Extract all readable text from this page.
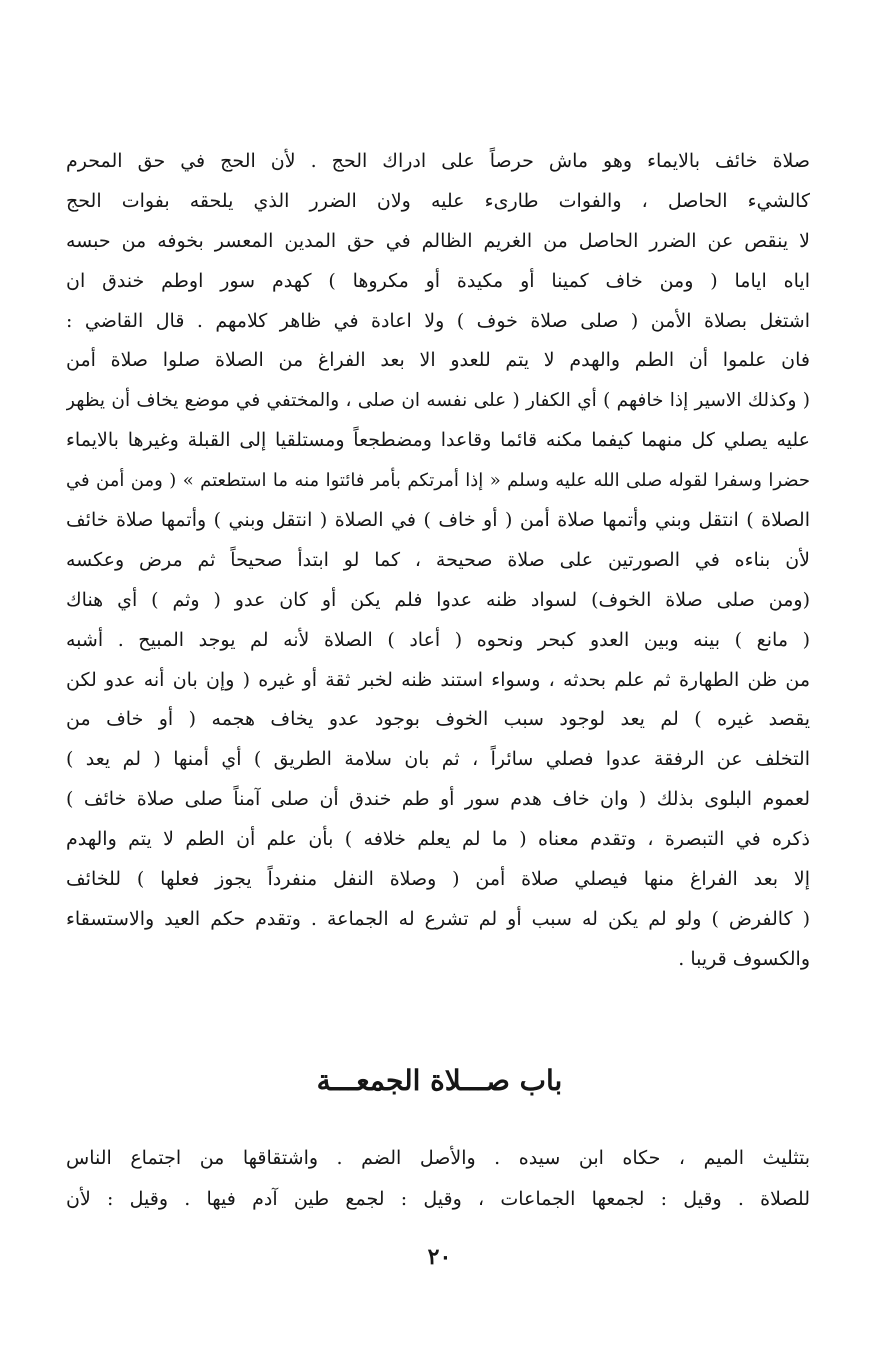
صلاة خائف بالايماء وهو ماش حرصاً على ادراك الحج . لأن الحج في حق المحرم
كالشيء الحاصل ، والفوات طارىء عليه ولان الضرر الذي يلحقه بفوات الحج
لا ينقص عن الضرر الحاصل من الغريم الظالم في حق المدين المعسر بخوفه من حبسه
اياه اياما ( ومن خاف كمينا أو مكيدة أو مكروها ) كهدم سور اوطم خندق ان
اشتغل بصلاة الأمن ( صلى صلاة خوف ) ولا اعادة في ظاهر كلامهم . قال القاضي :
فان علموا أن الطم والهدم لا يتم للعدو الا بعد الفراغ من الصلاة صلوا صلاة أمن
( وكذلك الاسير إذا خافهم ) أي الكفار ( على نفسه ان صلى ، والمختفي في موضع يخاف أن يظهر
عليه يصلي كل منهما كيفما مكنه قائما وقاعدا ومضطجعاً ومستلقيا إلى القبلة وغيرها بالايماء
حضرا وسفرا لقوله صلى الله عليه وسلم « إذا أمرتكم بأمر فائتوا منه ما استطعتم » ( ومن أمن في
الصلاة ) انتقل وبني وأتمها صلاة أمن ( أو خاف ) في الصلاة ( انتقل وبني ) وأتمها صلاة خائف
لأن بناءه في الصورتين على صلاة صحيحة ، كما لو ابتدأ صحيحاً ثم مرض وعكسه
(ومن صلى صلاة الخوف) لسواد ظنه عدوا فلم يكن أو كان عدو ( وثم ) أي هناك
( مانع ) بينه وبين العدو كبحر ونحوه ( أعاد ) الصلاة لأنه لم يوجد المبيح . أشبه
من ظن الطهارة ثم علم بحدثه ، وسواء استند ظنه لخبر ثقة أو غيره ( وإن بان أنه عدو لكن
يقصد غيره ) لم يعد لوجود سبب الخوف بوجود عدو يخاف هجمه ( أو خاف من
التخلف عن الرفقة عدوا فصلي سائراً ، ثم بان سلامة الطريق ) أي أمنها ( لم يعد )
لعموم البلوى بذلك ( وان خاف هدم سور أو طم خندق أن صلى آمناً صلى صلاة خائف )
ذكره في التبصرة ، وتقدم معناه ( ما لم يعلم خلافه ) بأن علم أن الطم لا يتم والهدم
إلا بعد الفراغ منها فيصلي صلاة أمن ( وصلاة النفل منفرداً يجوز فعلها ) للخائف
( كالفرض ) ولو لم يكن له سبب أو لم تشرع له الجماعة . وتقدم حكم العيد والاستسقاء
والكسوف قريبا .
باب صـــلاة الجمعـــة
بتثليث الميم ، حكاه ابن سيده . والأصل الضم . واشتقاقها من اجتماع الناس
للصلاة . وقيل : لجمعها الجماعات ، وقيل : لجمع طين آدم فيها . وقيل : لأن
٢٠
